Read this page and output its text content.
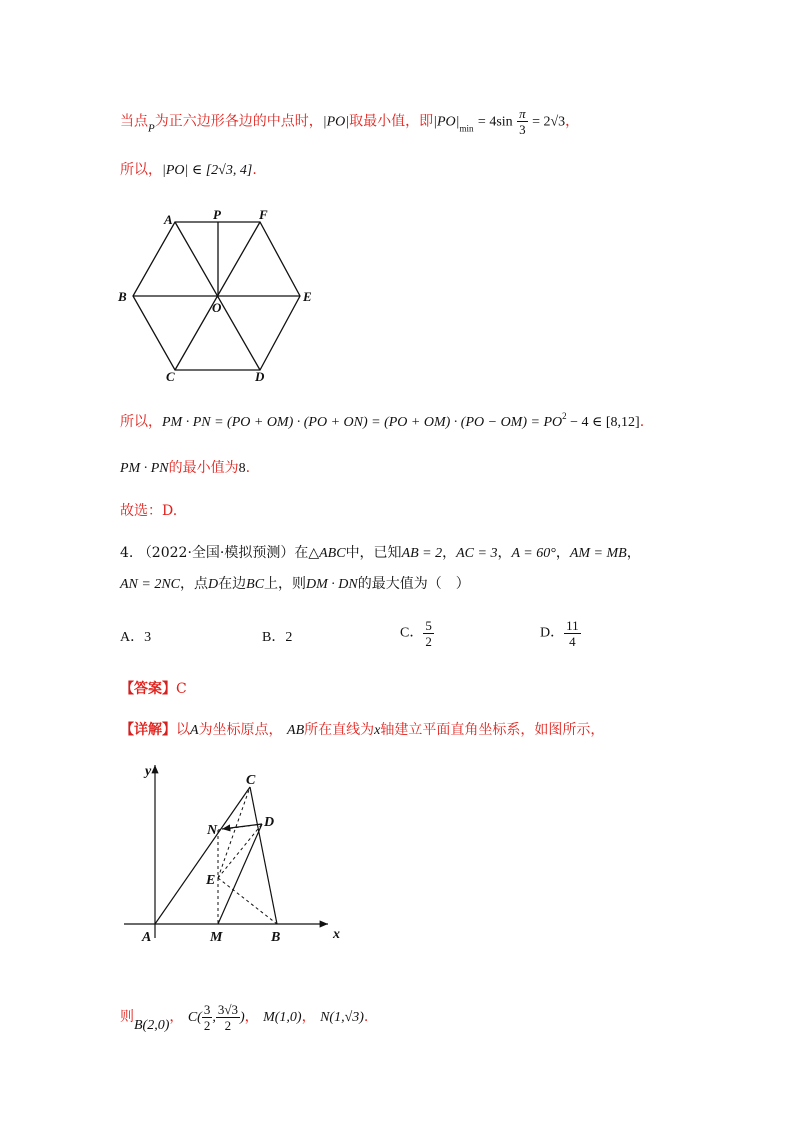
当点$_P$为正六边形各边的中点时，|PO|取最小值，即$|PO|_{min} = 4\sin \frac{\pi}{3} = 2√3$，
所以，|PO| ∈ [2√3, 4].
A	P	F
B
O
E
C	D
所以，PM · PN = $(PO + OM) \cdot (PO + ON) = (PO + OM) \cdot (PO - OM) = PO^2 - 4$ ∈ [8,12].
PM · PN的最小值为8.
故选：D.
4. （2022·全国·模拟预测）在△ABC中，已知AB = 2，AC = 3，A = 60°，AM = MB，
AN = 2NC，点D在边BC上，则DM · DN的最大值为（　）
A．3	B．2	C． $\frac{5}{2}$	D． $\frac{11}{4}$
【答案】C
【详解】以A为坐标原点， AB所在直线为x轴建立平面直角坐标系，如图所示，
y
C
N
D
E
A	M	B	x
则B(2,0)， $C( \frac{3}{2}$ , $\frac{3√3}{2}$ )， M(1,0)， N(1,√3).
